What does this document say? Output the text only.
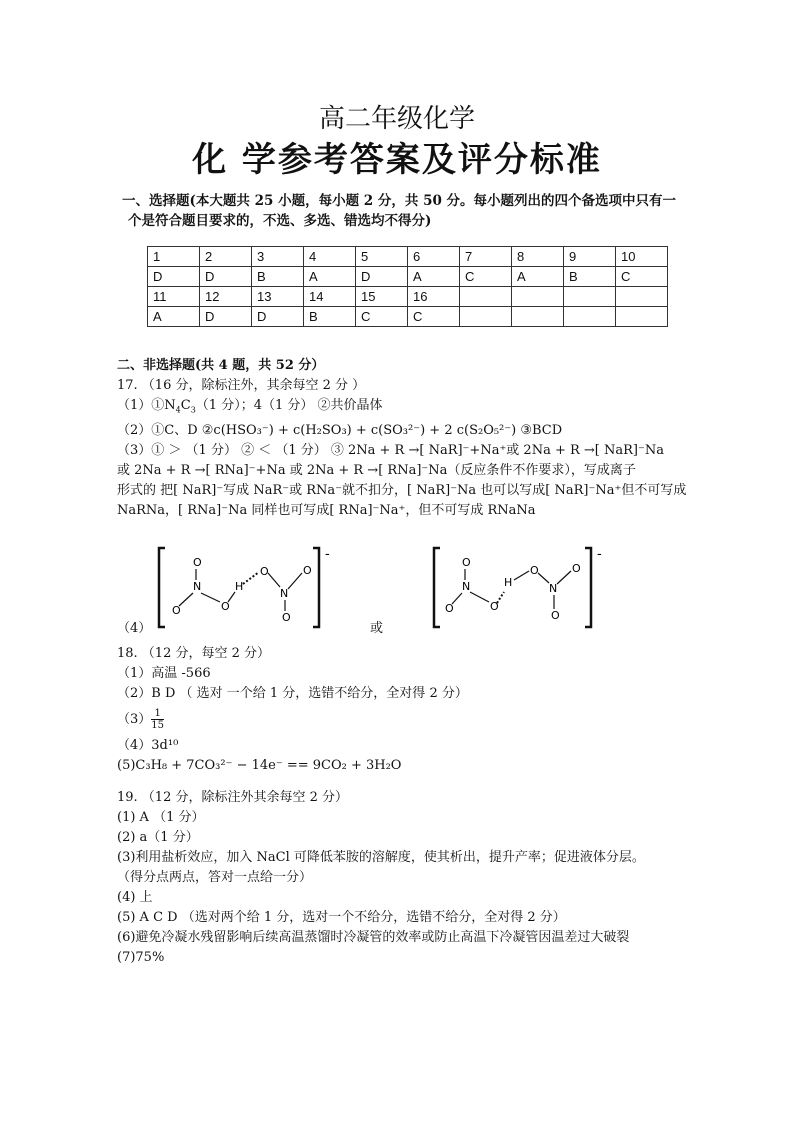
高二年级化学
化 学参考答案及评分标准
一、选择题(本大题共 25 小题，每小题 2 分，共 50 分。每小题列出的四个备选项中只有一
个是符合题目要求的，不选、多选、错选均不得分)
1	2	3	4	5	6	7	8	9	10
D	D	B	A	D	A	C	A	B	C
11	12	13	14	15	16				
A	D	D	B	C	C				
二、非选择题(共 4 题，共 52 分）
17. （16 分，除标注外，其余每空 2 分 ）
$(1)①N_4C_3(1$ 分）；4（1 分） ②共价晶体
（2）①C、D ②c(HSO₃⁻) + c(H₂SO₃) + c(SO₃²⁻) + 2 c(S₂O₅²⁻) ③BCD
（3）① ＞ （1 分） ② ＜ （1 分） ③ 2Na + R →[ NaR]⁻+Na⁺或 2Na + R →[ NaR]⁻Na
或 2Na + R →[ RNa]⁻+Na 或 2Na + R →[ RNa]⁻Na（反应条件不作要求），写成离子
形式的 把[ NaR]⁻写成 NaR⁻或 RNa⁻就不扣分，[ NaR]⁻Na 也可以写成[ NaR]⁻Na⁺但不可写成
NaRNa，[ RNa]⁻Na 同样也可写成[ RNa]⁻Na⁺，但不可写成 RNaNa
-
O
N
O	O
H
O
N
O
O
-
O
N
O	O
H
O
N
O
O
（4）	或
18. （12 分，每空 2 分）
（1）高温 -566
（2）B D （ 选对 一个给 1 分，选错不给分，全对得 2 分）
$(3) \frac{1}{15}$
（4）3d¹⁰
(5)C₃H₈ + 7CO₃²⁻ − 14e⁻ == 9CO₂ + 3H₂O
19. （12 分，除标注外其余每空 2 分）
(1) A （1 分）
(2) a（1 分）
(3)利用盐析效应，加入 NaCl 可降低苯胺的溶解度，使其析出，提升产率；促进液体分层。
（得分点两点，答对一点给一分）
(4) 上
(5) A C D （选对两个给 1 分，选对一个不给分，选错不给分，全对得 2 分）
(6)避免冷凝水残留影响后续高温蒸馏时冷凝管的效率或防止高温下冷凝管因温差过大破裂
(7)75%
